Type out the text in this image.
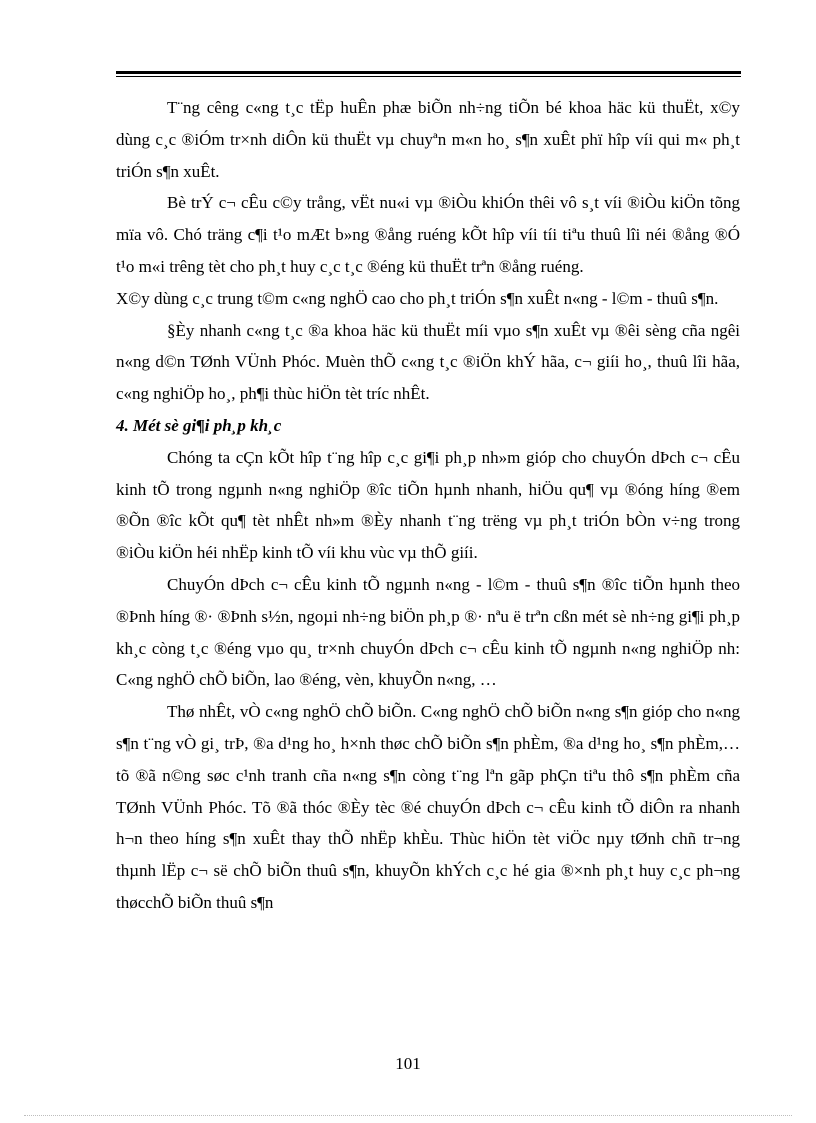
T¨ng cêng c«ng t¸c tËp huÊn phæ biÕn nh÷ng tiÕn bé khoa häc kü thuËt, x©y dùng c¸c ®iÓm tr×nh diÔn kü thuËt vµ chuyªn m«n ho¸ s¶n xuÊt phï hîp víi qui m« ph¸t triÓn s¶n xuÊt.

Bè trÝ c¬ cÊu c©y trång, vËt nu«i vµ ®iÒu khiÓn thêi vô s¸t víi ®iÒu kiÖn tõng mïa vô. Chó träng c¶i t¹o mÆt b»ng ®ång ruéng kÕt hîp víi tíi tiªu thuû lîi néi ®ång ®Ó t¹o m«i trêng tèt cho ph¸t huy c¸c t¸c ®éng kü thuËt trªn ®ång ruéng.

X©y dùng c¸c trung t©m c«ng nghÖ cao cho ph¸t triÓn s¶n xuÊt n«ng - l©m - thuû s¶n.

§Èy nhanh c«ng t¸c ®a khoa häc kü thuËt míi vµo s¶n xuÊt vµ ®êi sèng cña ngêi n«ng d©n TØnh VÜnh Phóc. Muèn thÕ c«ng t¸c ®iÖn khÝ hãa, c¬ giíi ho¸, thuû lîi hãa, c«ng nghiÖp ho¸, ph¶i thùc hiÖn tèt tríc nhÊt.

4. Mét sè gi¶i ph¸p kh¸c

Chóng ta cÇn kÕt hîp t¨ng hîp c¸c gi¶i ph¸p nh»m gióp cho chuyÓn dÞch c¬ cÊu kinh tÕ trong ngµnh n«ng nghiÖp ®îc tiÕn hµnh nhanh, hiÖu qu¶ vµ ®óng híng ®em ®Õn ®îc kÕt qu¶ tèt nhÊt nh»m ®Èy nhanh t¨ng trëng vµ ph¸t triÓn bÒn v÷ng trong ®iÒu kiÖn héi nhËp kinh tÕ víi khu vùc vµ thÕ giíi.

ChuyÓn dÞch c¬ cÊu kinh tÕ ngµnh n«ng - l©m - thuû s¶n ®îc tiÕn hµnh theo ®Þnh híng ®· ®Þnh s½n, ngoµi nh÷ng biÖn ph¸p ®· nªu ë trªn cßn mét sè nh÷ng gi¶i ph¸p kh¸c còng t¸c ®éng vµo qu¸ tr×nh chuyÓn dÞch c¬ cÊu kinh tÕ ngµnh n«ng nghiÖp nh: C«ng nghÖ chÕ biÕn, lao ®éng, vèn, khuyÕn n«ng, …

Thø nhÊt, vÒ c«ng nghÖ chÕ biÕn. C«ng nghÖ chÕ biÕn n«ng s¶n gióp cho n«ng s¶n t¨ng vÒ gi¸ trÞ, ®a d¹ng ho¸ h×nh thøc chÕ biÕn s¶n phÈm, ®a d¹ng ho¸ s¶n phÈm,… tõ ®ã n©ng søc c¹nh tranh cña n«ng s¶n còng t¨ng lªn gãp phÇn tiªu thô s¶n phÈm cña TØnh VÜnh Phóc. Tõ ®ã thóc ®Èy tèc ®é chuyÓn dÞch c¬ cÊu kinh tÕ diÔn ra nhanh h¬n theo híng s¶n xuÊt thay thÕ nhËp khÈu. Thùc hiÖn tèt viÖc nµy tØnh chñ tr¬ng thµnh lËp c¬ së chÕ biÕn thuû s¶n, khuyÕn khÝch c¸c hé gia ®×nh ph¸t huy c¸c ph¬ng thøcchÕ biÕn thuû s¶n

101
